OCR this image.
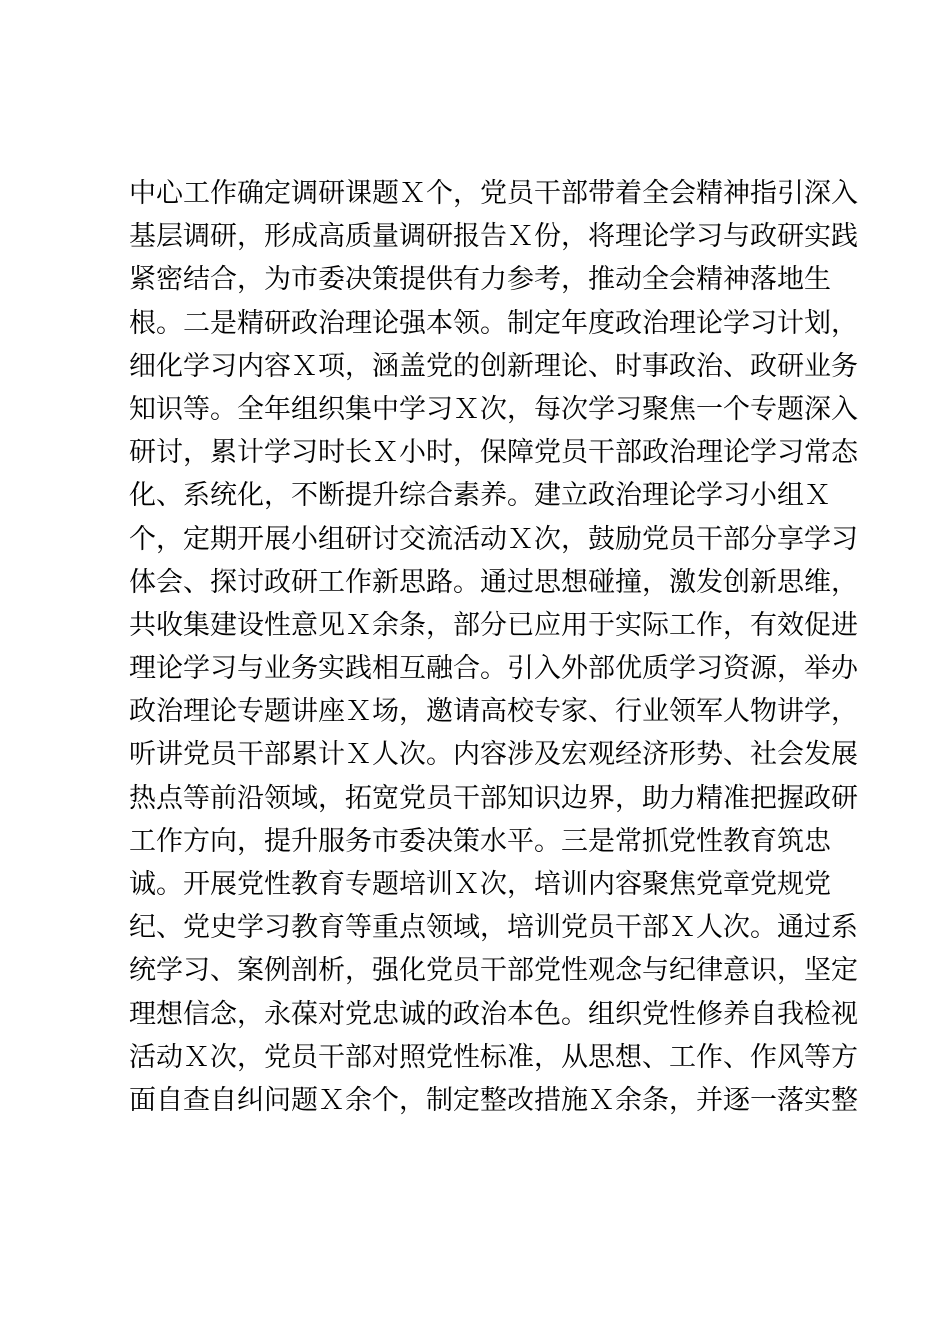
中心工作确定调研课题Ｘ个，党员干部带着全会精神指引深入
基层调研，形成高质量调研报告Ｘ份，将理论学习与政研实践
紧密结合，为市委决策提供有力参考，推动全会精神落地生
根。二是精研政治理论强本领。制定年度政治理论学习计划，
细化学习内容Ｘ项，涵盖党的创新理论、时事政治、政研业务
知识等。全年组织集中学习Ｘ次，每次学习聚焦一个专题深入
研讨，累计学习时长Ｘ小时，保障党员干部政治理论学习常态
化、系统化，不断提升综合素养。建立政治理论学习小组Ｘ
个，定期开展小组研讨交流活动Ｘ次，鼓励党员干部分享学习
体会、探讨政研工作新思路。通过思想碰撞，激发创新思维，
共收集建设性意见Ｘ余条，部分已应用于实际工作，有效促进
理论学习与业务实践相互融合。引入外部优质学习资源，举办
政治理论专题讲座Ｘ场，邀请高校专家、行业领军人物讲学，
听讲党员干部累计Ｘ人次。内容涉及宏观经济形势、社会发展
热点等前沿领域，拓宽党员干部知识边界，助力精准把握政研
工作方向，提升服务市委决策水平。三是常抓党性教育筑忠
诚。开展党性教育专题培训Ｘ次，培训内容聚焦党章党规党
纪、党史学习教育等重点领域，培训党员干部Ｘ人次。通过系
统学习、案例剖析，强化党员干部党性观念与纪律意识，坚定
理想信念，永葆对党忠诚的政治本色。组织党性修养自我检视
活动Ｘ次，党员干部对照党性标准，从思想、工作、作风等方
面自查自纠问题Ｘ余个，制定整改措施Ｘ余条，并逐一落实整
